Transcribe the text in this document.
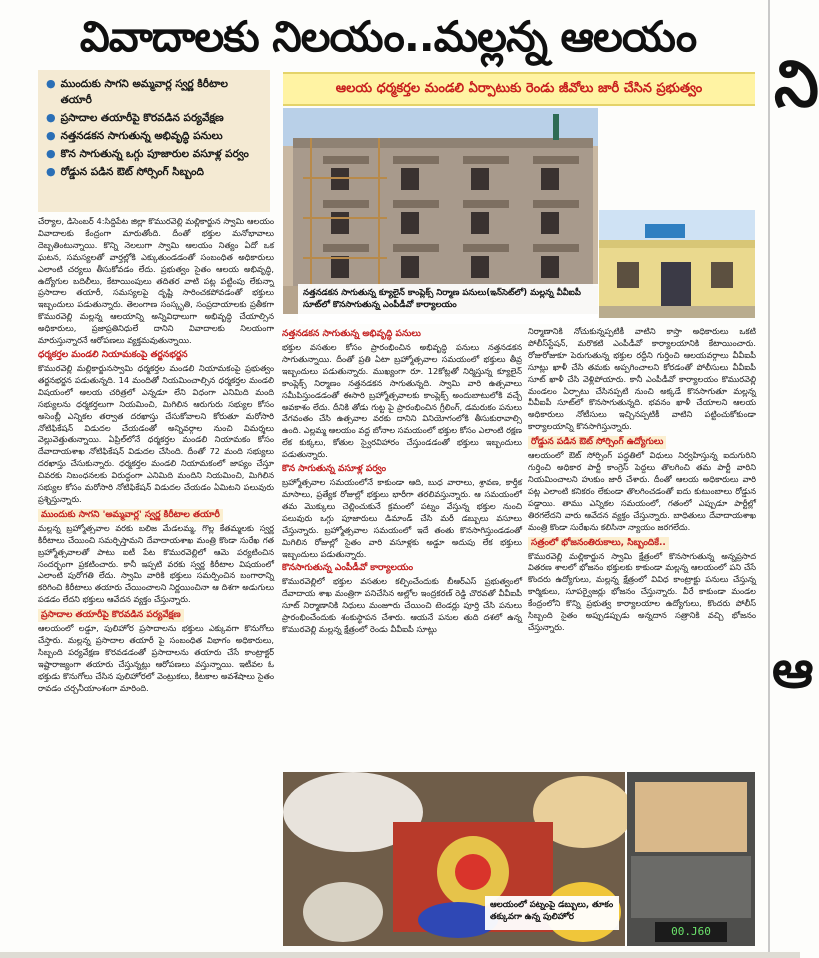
వివాదాలకు నిలయం..మల్లన్న ఆలయం
ని
ఆ
● ముందుకు సాగని అమ్మవార్ల స్వర్ణ కిరీటాల తయారీ
● ప్రసాదాల తయారీపై కొరవడిన పర్యవేక్షణ
● నత్తనడకన సాగుతున్న అభివృద్ధి పనులు
● కొన సాగుతున్న ఒగ్గు పూజారుల వసూళ్ల పర్వం
● రోడ్డున పడిన ఔట్ సోర్సింగ్ సిబ్బంది
ఆలయ ధర్మకర్తల మండలి ఏర్పాటుకు రెండు జీవోలు జారీ చేసిన ప్రభుత్వం
నత్తనడకన సాగుతున్న క్యూలైన్ కాంప్లెక్స్ నిర్మాణ పనులు(ఇన్‌సెట్‌లో) మల్లన్న వీవీఐపీ సూట్‌లో కొనసాగుతున్న ఎంపీడీవో కార్యాలయం

చేర్యాల, డిసెంబర్ 4:సిద్దిపేట జిల్లా కొమురవెల్లి మల్లికార్జున స్వామి ఆలయం వివాదాలకు కేంద్రంగా మారుతోంది. దీంతో భక్తుల మనోభావాలు దెబ్బతింటున్నాయి. కొన్ని నెలలుగా స్వామి ఆలయం నిత్యం ఏదో ఒక ఘటన, సమస్యలతో వార్తల్లోకి ఎక్కుతుండడంతో సంబంధిత అధికారులు ఎలాంటి చర్యలు తీసుకోవడం లేదు. ప్రభుత్వం సైతం ఆలయ అభివృద్ధి, ఉద్యోగుల బదిలీలు, కేటాయింపులు తదితర వాటి పట్ల పట్టింపు లేకున్నా ప్రసాదాల తయారీ, సమస్యలపై దృష్టి సారించకపోవడంతో భక్తులు ఇబ్బందులు పడుతున్నారు. తెలంగాణ సంస్కృతి, సంప్రదాయాలకు ప్రతీకగా కొమురవెల్లి మల్లన్న ఆలయాన్ని అన్నివిధాలుగా అభివృద్ధి చేయాల్సిన అధికారులు, ప్రజాప్రతినిధులే దానిని వివాదాలకు నిలయంగా మారుస్తున్నారనే ఆరోపణలు వ్యక్తమవుతున్నాయి.

ధర్మకర్తల మండలి నియామకంపై తర్జనభర్జన

కొమురవెల్లి మల్లికార్జునస్వామి ధర్మకర్తల మండలి నియామకంపై ప్రభుత్వం తర్జనభర్జన పడుతున్నది. 14 మందితో నియమించాల్సిన ధర్మకర్తల మండలి విషయంలో ఆలయ చరిత్రలో ఎన్నడూ లేని విధంగా ఎనిమిది మంది సభ్యులను ధర్మకర్తలుగా నియమించి, మిగిలిన ఆరుగురు సభ్యుల కోసం అసెంబ్లీ ఎన్నికల తర్వాత దరఖాస్తు చేసుకోవాలని కోరుతూ మరోసారి నోటిఫికేషన్ విడుదల చేయడంతో అన్నివర్గాల నుంచి విమర్శలు వెల్లువెత్తుతున్నాయి. ఏప్రిల్‌లోనే ధర్మకర్తల మండలి నియామకం కోసం దేవాదాయశాఖ నోటిఫికేషన్ విడుదల చేసింది. దీంతో 72 మంది సభ్యులు దరఖాస్తు చేసుకున్నారు. ధర్మకర్తల మండలి నియామకంలో జాప్యం చేస్తూ చివరకు నిబంధనలకు విరుద్ధంగా ఎనిమిది మందిని నియమించి, మిగిలిన సభ్యుల కోసం మరోసారి నోటిఫికేషన్ విడుదల చేయడం ఏమిటని పలువురు ప్రశ్నిస్తున్నారు.

ముందుకు సాగని 'అమ్మవార్ల' స్వర్ణ కిరీటాల తయారీ

మల్లన్న బ్రహ్మోత్సవాల వరకు బలిజ మేడలమ్మ, గొల్ల కేతమ్మలకు స్వర్ణ కిరీటాలు చేయించి సమర్పిస్తామని దేవాదాయశాఖ మంత్రి కొండా సురేఖ గత బ్రహ్మోత్సవాలతో పాటు ఐటీ పేట కొమురవెల్లిలో ఆమె పర్యటించిన సందర్భంగా ప్రకటించారు. కానీ ఇప్పటి వరకు స్వర్ణ కిరీటాల విషయంలో ఎలాంటి పురోగతి లేదు. స్వామి వారికి భక్తులు సమర్పించిన బంగారాన్ని కరిగించి కిరీటాలు తయారు చేయించాలని నిర్ణయించినా ఆ దిశగా అడుగులు పడడం లేదని భక్తులు ఆవేదన వ్యక్తం చేస్తున్నారు.

ప్రసాదాల తయారీపై కొరవడిన పర్యవేక్షణ

ఆలయంలో లడ్డూ, పులిహోర ప్రసాదాలను భక్తులు ఎక్కువగా కొనుగోలు చేస్తారు. మల్లన్న ప్రసాదాల తయారీ పై సంబంధిత విభాగం అధికారులు, సిబ్బంది పర్యవేక్షణ కొరవడడంతో ప్రసాదాలను తయారు చేసే కాంట్రాక్టర్ ఇష్టారాజ్యంగా తయారు చేస్తున్నట్లు ఆరోపణలు వస్తున్నాయి. ఇటీవల ఓ భక్తుడు కొనుగోలు చేసిన పులిహోరలో వెంట్రుకలు, కీటకాల అవశేషాలు సైతం రావడం చర్చనీయాంశంగా మారింది.

నత్తనడకన సాగుతున్న అభివృద్ధి పనులు

భక్తుల వసతుల కోసం ప్రారంభించిన అభివృద్ధి పనులు నత్తనడకన సాగుతున్నాయి. దీంతో ప్రతి ఏటా బ్రహ్మోత్సవాల సమయంలో భక్తులు తీవ్ర ఇబ్బందులు పడుతున్నారు. ముఖ్యంగా రూ. 12కోట్లతో నిర్మిస్తున్న క్యూలైన్ కాంప్లెక్స్ నిర్మాణం నత్తనడకన సాగుతున్నది. స్వామి వారి ఉత్సవాలు సమీపిస్తుండడంతో ఈసారి బ్రహ్మోత్సవాలకు కాంప్లెక్స్ అందుబాటులోకి వచ్చే అవకాశం లేదు. దీనికి తోడు గుట్ట పై ప్రారంభించిన గ్రీలింగ్, డమరుకం పనులు వేగవంతం చేసి ఉత్సవాల వరకు దానిని వినియోగంలోకి తీసుకురావాల్సి ఉంది. ఎల్లమ్మ ఆలయం వద్ద బోనాల సమయంలో భక్తుల కోసం ఎలాంటి రక్షణ లేక కుక్కలు, కోతుల స్వైరవిహారం చేస్తుండడంతో భక్తులు ఇబ్బందులు పడుతున్నారు.

కొన సాగుతున్న వసూళ్ల పర్వం

బ్రహ్మోత్సవాల సమయంలోనే కాకుండా ఆది, బుధ వారాలు, శ్రావణ, కార్తీక మాసాలు, ప్రత్యేక రోజుల్లో భక్తులు భారీగా తరలివస్తున్నారు. ఆ సమయంలో తమ మొక్కులు చెల్లించుకునే క్రమంలో పట్నం వేస్తున్న భక్తుల నుంచి పలువురు ఒగ్గు పూజారులు డిమాండ్ చేసి మరీ డబ్బులు వసూలు చేస్తున్నారు. బ్రహ్మోత్సవాల సమయంలో ఇదే తంతు కొనసాగిస్తుండడంతో మిగిలిన రోజుల్లో సైతం వారి వసూళ్లకు అడ్డూ అదుపు లేక భక్తులు ఇబ్బందులు పడుతున్నారు.

కొనసాగుతున్న ఎంపీడీవో కార్యాలయం

కొమురవెల్లిలో భక్తుల వసతుల కల్పించేందుకు బీఆర్ఎస్ ప్రభుత్వంలో దేవాదాయ శాఖ మంత్రిగా పనిచేసిన అల్లోల ఇంద్రకరణ్ రెడ్డి చొరవతో వీవీఐపీ సూట్ నిర్మాణానికి నిధులు మంజూరు చేయించి టెండర్లు పూర్తి చేసి పనులు ప్రారంభించేందుకు శంకుస్థాపన చేశారు. ఆయనే పనుల తుది దశలో ఉన్న కొమురవెల్లి మల్లన్న క్షేత్రంలో రెండు వీవీఐపీ సూట్లు

నిర్మాణానికి నోచుకున్నప్పటికీ వాటిని కాస్తా అధికారులు ఒకటి పోలీస్‌స్టేషన్, మరొకటి ఎంపీడీవో కార్యాలయానికి కేటాయించారు. రోజురోజుకూ పెరుగుతున్న భక్తుల రద్దీని గుర్తించి ఆలయవర్గాలు వీవీఐపీ సూట్లు ఖాళీ చేసి తమకు అప్పగించాలని కోరడంతో పోలీసులు వీవీఐపీ సూట్ ఖాళీ చేసి వెళ్లిపోయారు. కానీ ఎంపీడీవో కార్యాలయం కొమురవెల్లి మండలం ఏర్పాటు చేసినప్పటి నుంచి అక్కడే కొనసాగుతూ మల్లన్న వీవీఐపీ సూట్‌లో కొనసాగుతున్నది. భవనం ఖాళీ చేయాలని ఆలయ అధికారులు నోటీసులు ఇచ్చినప్పటికీ వాటిని పట్టించుకోకుండా కార్యాలయాన్ని కొనసాగిస్తున్నారు.

రోడ్డున పడిన ఔట్ సోర్సింగ్ ఉద్యోగులు

ఆలయంలో ఔట్ సోర్సింగ్ పద్ధతిలో విధులు నిర్వహిస్తున్న ఐదుగురిని గుర్తించి అధికార పార్టీ కాంగ్రెస్ పెద్దలు తొలగించి తమ పార్టీ వారిని నియమించాలని హుకుం జారీ చేశారు. దీంతో ఆలయ అధికారులు వారి పట్ల ఎలాంటి కనికరం లేకుండా తొలగించడంతో ఐదు కుటుంబాలు రోడ్డున పడ్డాయి. తాము ఎన్నికల సమయంలో, గతంలో ఎప్పుడూ పార్టీల్లో తిరగలేదని వారు ఆవేదన వ్యక్తం చేస్తున్నారు. బాధితులు దేవాదాయశాఖ మంత్రి కొండా సురేఖను కలిసినా న్యాయం జరగలేదు.

సత్రంలో భోజనంతిరుకాలు, సిబ్బందికే..

కొమురవెల్లి మల్లికార్జున స్వామి క్షేత్రంలో కొనసాగుతున్న అన్నప్రసాద వితరణ శాలలో భోజనం భక్తులకు కాకుండా మల్లన్న ఆలయంలో పని చేసే కొందరు ఉద్యోగులు, మల్లన్న క్షేత్రంలో వివిధ కాంట్రాక్టు పనులు చేస్తున్న కార్మికులు, సూపర్వైజర్లు భోజనం చేస్తున్నారు. వీరే కాకుండా మండల కేంద్రంలోని కొన్ని ప్రభుత్వ కార్యాలయాల ఉద్యోగులు, కొందరు పోలీస్ సిబ్బంది సైతం అప్పుడప్పుడు అన్నదాన సత్రానికి వచ్చి భోజనం చేస్తున్నారు.

ఆలయంలో పట్నంపై డబ్బులు, తూకం తక్కువగా ఉన్న పులిహోర
00.J60
